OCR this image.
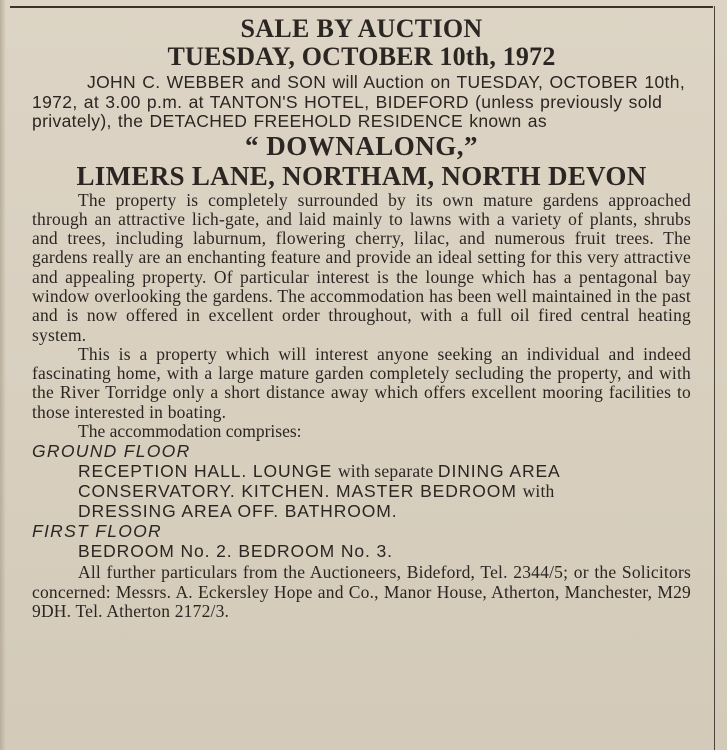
SALE BY AUCTION
TUESDAY, OCTOBER 10th, 1972

JOHN C. WEBBER and SON will Auction on TUESDAY, OCTOBER 10th, 1972, at 3.00 p.m. at TANTON'S HOTEL, BIDEFORD (unless previously sold privately), the DETACHED FREEHOLD RESIDENCE known as

“ DOWNALONG,”
LIMERS LANE, NORTHAM, NORTH DEVON

The property is completely surrounded by its own mature gardens approached through an attractive lich-gate, and laid mainly to lawns with a variety of plants, shrubs and trees, including laburnum, flowering cherry, lilac, and numerous fruit trees. The gardens really are an enchanting feature and provide an ideal setting for this very attractive and appealing property. Of particular interest is the lounge which has a pentagonal bay window overlooking the gardens. The accommodation has been well maintained in the past and is now offered in excellent order throughout, with a full oil fired central heating system.

This is a property which will interest anyone seeking an individual and indeed fascinating home, with a large mature garden completely secluding the property, and with the River Torridge only a short distance away which offers excellent mooring facilities to those interested in boating.

The accommodation comprises:

GROUND FLOOR

RECEPTION HALL. LOUNGE with separate DINING AREA
CONSERVATORY. KITCHEN. MASTER BEDROOM with
DRESSING AREA OFF. BATHROOM.

FIRST FLOOR

BEDROOM No. 2. BEDROOM No. 3.

All further particulars from the Auctioneers, Bideford, Tel. 2344/5; or the Solicitors concerned: Messrs. A. Eckersley Hope and Co., Manor House, Atherton, Manchester, M29 9DH. Tel. Atherton 2172/3.
